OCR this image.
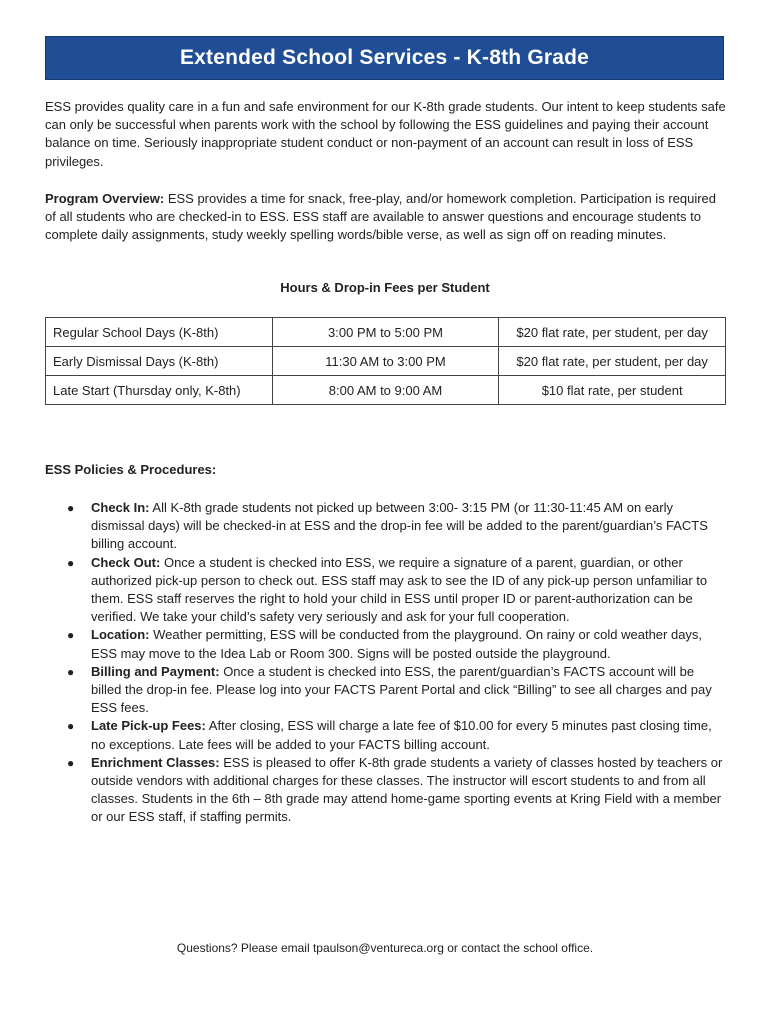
Extended School Services - K-8th Grade

ESS provides quality care in a fun and safe environment for our K-8th grade students. Our intent to keep students safe can only be successful when parents work with the school by following the ESS guidelines and paying their account balance on time. Seriously inappropriate student conduct or non-payment of an account can result in loss of ESS privileges.

Program Overview: ESS provides a time for snack, free-play, and/or homework completion. Participation is required of all students who are checked-in to ESS. ESS staff are available to answer questions and encourage students to complete daily assignments, study weekly spelling words/bible verse, as well as sign off on reading minutes.

Hours & Drop-in Fees per Student
Regular School Days (K-8th)	3:00 PM to 5:00 PM	$20 flat rate, per student, per day
Early Dismissal Days (K-8th)	11:30 AM to 3:00 PM	$20 flat rate, per student, per day
Late Start (Thursday only, K-8th)	8:00 AM to 9:00 AM	$10 flat rate, per student
ESS Policies & Procedures:
● Check In: All K-8th grade students not picked up between 3:00- 3:15 PM (or 11:30-11:45 AM on early dismissal days) will be checked-in at ESS and the drop-in fee will be added to the parent/guardian’s FACTS billing account.
● Check Out: Once a student is checked into ESS, we require a signature of a parent, guardian, or other authorized pick-up person to check out. ESS staff may ask to see the ID of any pick-up person unfamiliar to them. ESS staff reserves the right to hold your child in ESS until proper ID or parent-authorization can be verified. We take your child’s safety very seriously and ask for your full cooperation.
● Location: Weather permitting, ESS will be conducted from the playground. On rainy or cold weather days, ESS may move to the Idea Lab or Room 300. Signs will be posted outside the playground.
● Billing and Payment: Once a student is checked into ESS, the parent/guardian’s FACTS account will be billed the drop-in fee. Please log into your FACTS Parent Portal and click “Billing” to see all charges and pay ESS fees.
● Late Pick-up Fees: After closing, ESS will charge a late fee of $10.00 for every 5 minutes past closing time, no exceptions. Late fees will be added to your FACTS billing account.
● Enrichment Classes: ESS is pleased to offer K-8th grade students a variety of classes hosted by teachers or outside vendors with additional charges for these classes. The instructor will escort students to and from all classes. Students in the 6th – 8th grade may attend home-game sporting events at Kring Field with a member or our ESS staff, if staffing permits.
Questions? Please email tpaulson@ventureca.org or contact the school office.
